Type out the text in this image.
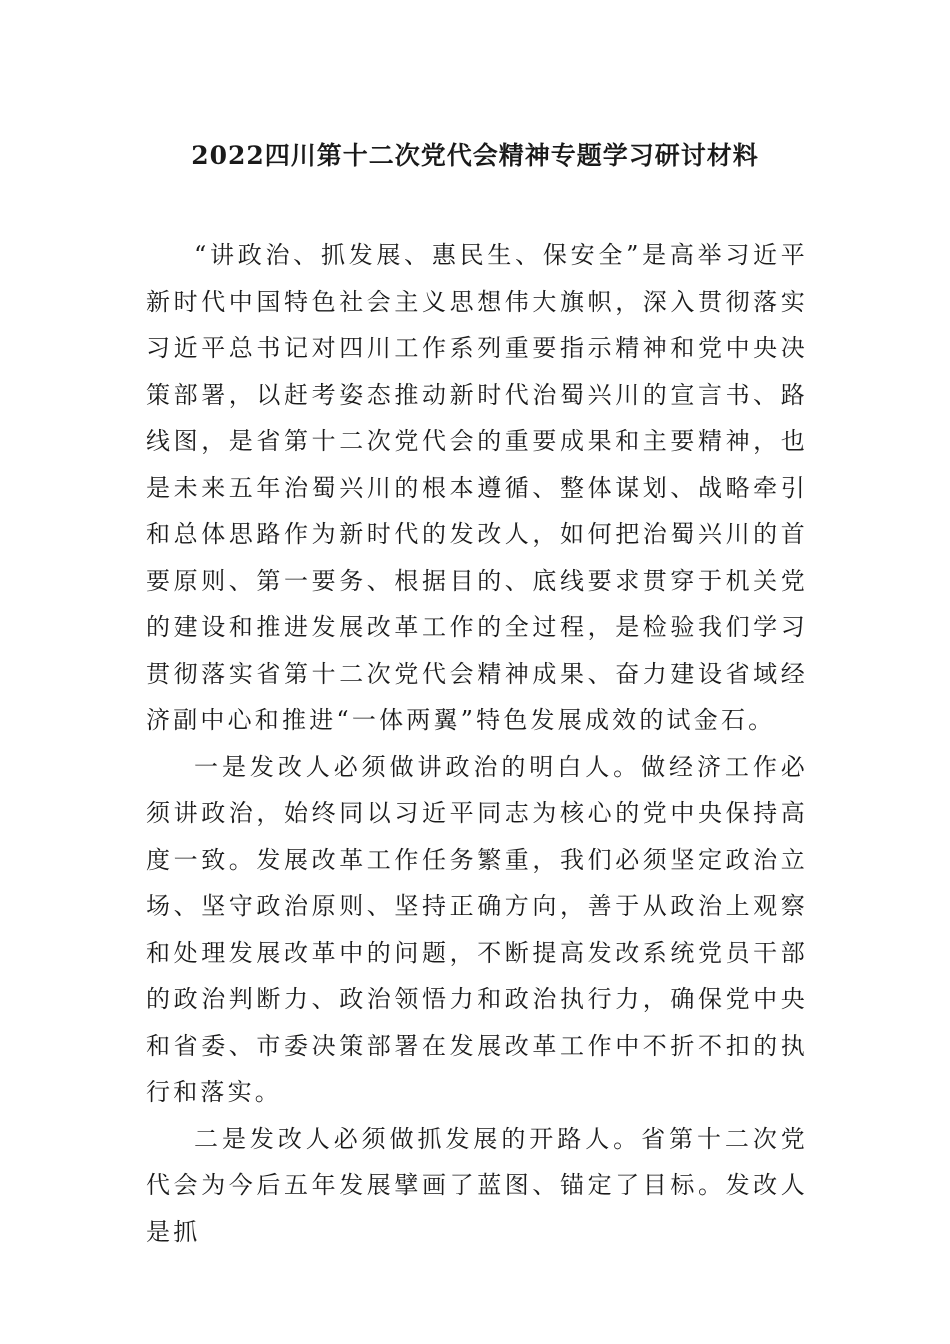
2022四川第十二次党代会精神专题学习研讨材料

“讲政治、抓发展、惠民生、保安全”是高举习近平新时代中国特色社会主义思想伟大旗帜，深入贯彻落实习近平总书记对四川工作系列重要指示精神和党中央决策部署，以赶考姿态推动新时代治蜀兴川的宣言书、路线图，是省第十二次党代会的重要成果和主要精神，也是未来五年治蜀兴川的根本遵循、整体谋划、战略牵引和总体思路作为新时代的发改人，如何把治蜀兴川的首要原则、第一要务、根据目的、底线要求贯穿于机关党的建设和推进发展改革工作的全过程，是检验我们学习贯彻落实省第十二次党代会精神成果、奋力建设省域经济副中心和推进“一体两翼”特色发展成效的试金石。

一是发改人必须做讲政治的明白人。做经济工作必须讲政治，始终同以习近平同志为核心的党中央保持高度一致。发展改革工作任务繁重，我们必须坚定政治立场、坚守政治原则、坚持正确方向，善于从政治上观察和处理发展改革中的问题，不断提高发改系统党员干部的政治判断力、政治领悟力和政治执行力，确保党中央和省委、市委决策部署在发展改革工作中不折不扣的执行和落实。

二是发改人必须做抓发展的开路人。省第十二次党代会为今后五年发展擘画了蓝图、锚定了目标。发改人是抓
